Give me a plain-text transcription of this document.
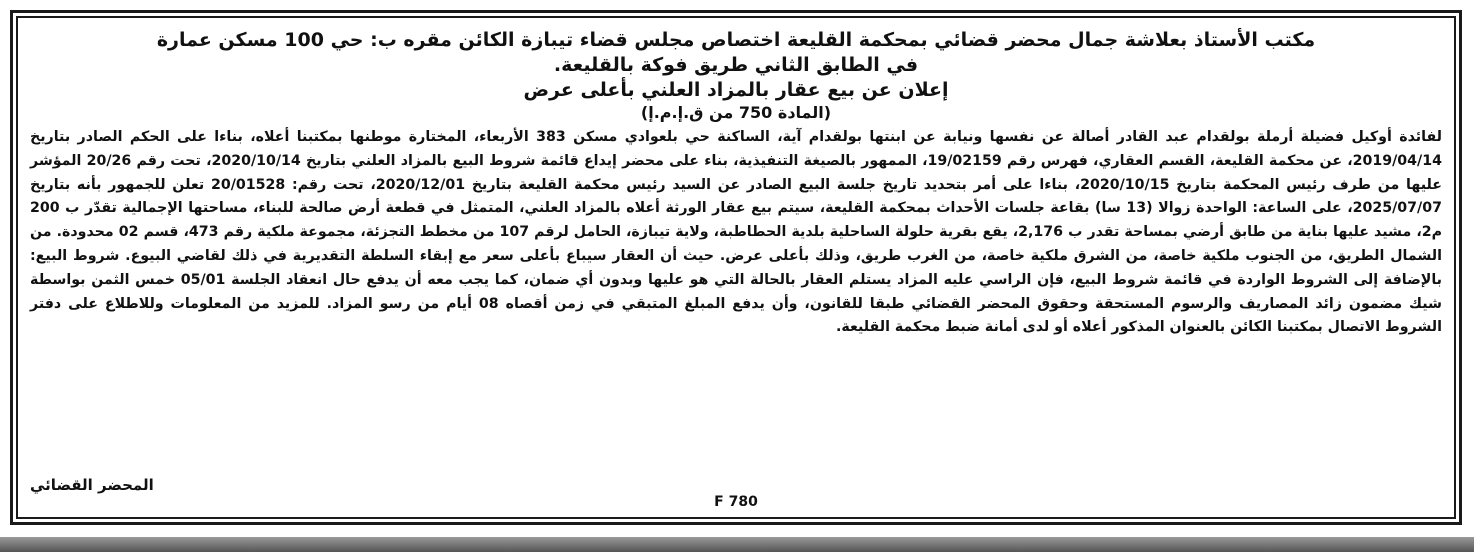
مكتب الأستاذ بعلاشة جمال محضر قضائي بمحكمة القليعة اختصاص مجلس قضاء تيبازة الكائن مقره ب: حي 100 مسكن عمارة

في الطابق الثاني طريق فوكة بالقليعة.

إعلان عن بيع عقار بالمزاد العلني بأعلى عرض

(المادة 750 من ق.إ.م.إ)

لفائدة أوكيل فضيلة أرملة بولقدام عبد القادر أصالة عن نفسها ونيابة عن ابنتها بولقدام آية، الساكنة حي بلعوادي مسكن 383 الأربعاء، المختارة موطنها بمكتبنا أعلاه، بناءا على الحكم الصادر بتاريخ 2019/04/14، عن محكمة القليعة، القسم العقاري، فهرس رقم 19/02159، الممهور بالصيغة التنفيذية، بناء على محضر إيداع قائمة شروط البيع بالمزاد العلني بتاريخ 2020/10/14، تحت رقم 20/26 المؤشر عليها من طرف رئيس المحكمة بتاريخ 2020/10/15، بناءا على أمر بتحديد تاريخ جلسة البيع الصادر عن السيد رئيس محكمة القليعة بتاريخ 2020/12/01، تحت رقم: 20/01528 تعلن للجمهور بأنه بتاريخ 2025/07/07، على الساعة: الواحدة زوالا (13 سا) بقاعة جلسات الأحداث بمحكمة القليعة، سيتم بيع عقار الورثة أعلاه بالمزاد العلني، المتمثل في قطعة أرض صالحة للبناء، مساحتها الإجمالية تقدّر ب 200 م2، مشيد عليها بناية من طابق أرضي بمساحة تقدر ب 2,176، يقع بقرية حلولة الساحلية بلدية الحطاطبة، ولاية تيبازة، الحامل لرقم 107 من مخطط التجزئة، مجموعة ملكية رقم 473، قسم 02 محدودة. من الشمال الطريق، من الجنوب ملكية خاصة، من الشرق ملكية خاصة، من الغرب طريق، وذلك بأعلى عرض. حيث أن العقار سيباع بأعلى سعر مع إبقاء السلطة التقديرية في ذلك لقاضي البيوع. شروط البيع: بالإضافة إلى الشروط الواردة في قائمة شروط البيع، فإن الراسي عليه المزاد يستلم العقار بالحالة التي هو عليها وبدون أي ضمان، كما يجب معه أن يدفع حال انعقاد الجلسة 05/01 خمس الثمن بواسطة شيك مضمون زائد المصاريف والرسوم المستحقة وحقوق المحضر القضائي طبقا للقانون، وأن يدفع المبلغ المتبقي في زمن أقصاه 08 أيام من رسو المزاد. للمزيد من المعلومات وللاطلاع على دفتر الشروط الاتصال بمكتبنا الكائن بالعنوان المذكور أعلاه أو لدى أمانة ضبط محكمة القليعة.

المحضر القضائي
F 780
